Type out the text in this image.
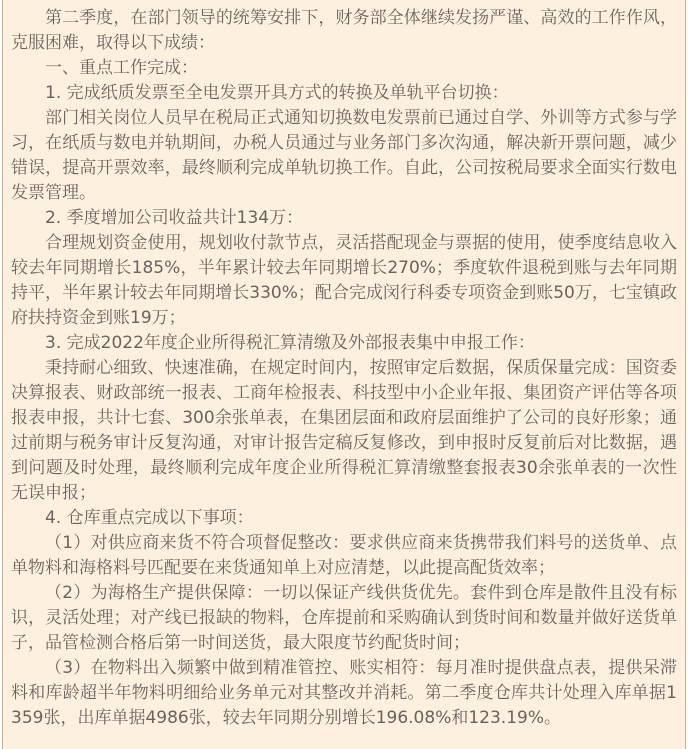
第二季度，在部门领导的统筹安排下，财务部全体继续发扬严谨、高效的工作作风，克服困难，取得以下成绩：

一、重点工作完成：

1. 完成纸质发票至全电发票开具方式的转换及单轨平台切换：

部门相关岗位人员早在税局正式通知切换数电发票前已通过自学、外训等方式参与学习，在纸质与数电并轨期间，办税人员通过与业务部门多次沟通，解决新开票问题，减少错误，提高开票效率，最终顺利完成单轨切换工作。自此，公司按税局要求全面实行数电发票管理。

2. 季度增加公司收益共计134万：

合理规划资金使用，规划收付款节点，灵活搭配现金与票据的使用，使季度结息收入较去年同期增长185%，半年累计较去年同期增长270%；季度软件退税到账与去年同期持平，半年累计较去年同期增长330%；配合完成闵行科委专项资金到账50万，七宝镇政府扶持资金到账19万；

3. 完成2022年度企业所得税汇算清缴及外部报表集中申报工作：

秉持耐心细致、快速准确，在规定时间内，按照审定后数据，保质保量完成：国资委决算报表、财政部统一报表、工商年检报表、科技型中小企业年报、集团资产评估等各项报表申报，共计七套、300余张单表，在集团层面和政府层面维护了公司的良好形象；通过前期与税务审计反复沟通，对审计报告定稿反复修改，到申报时反复前后对比数据，遇到问题及时处理，最终顺利完成年度企业所得税汇算清缴整套报表30余张单表的一次性无误申报；

4. 仓库重点完成以下事项：

（1）对供应商来货不符合项督促整改：要求供应商来货携带我们料号的送货单、点单物料和海格料号匹配要在来货通知单上对应清楚，以此提高配货效率；

（2）为海格生产提供保障：一切以保证产线供货优先。套件到仓库是散件且没有标识，灵活处理；对产线已报缺的物料，仓库提前和采购确认到货时间和数量并做好送货单子，品管检测合格后第一时间送货，最大限度节约配货时间；

（3）在物料出入频繁中做到精准管控、账实相符：每月准时提供盘点表，提供呆滞料和库龄超半年物料明细给业务单元对其整改并消耗。第二季度仓库共计处理入库单据1359张，出库单据4986张，较去年同期分别增长196.08%和123.19%。
